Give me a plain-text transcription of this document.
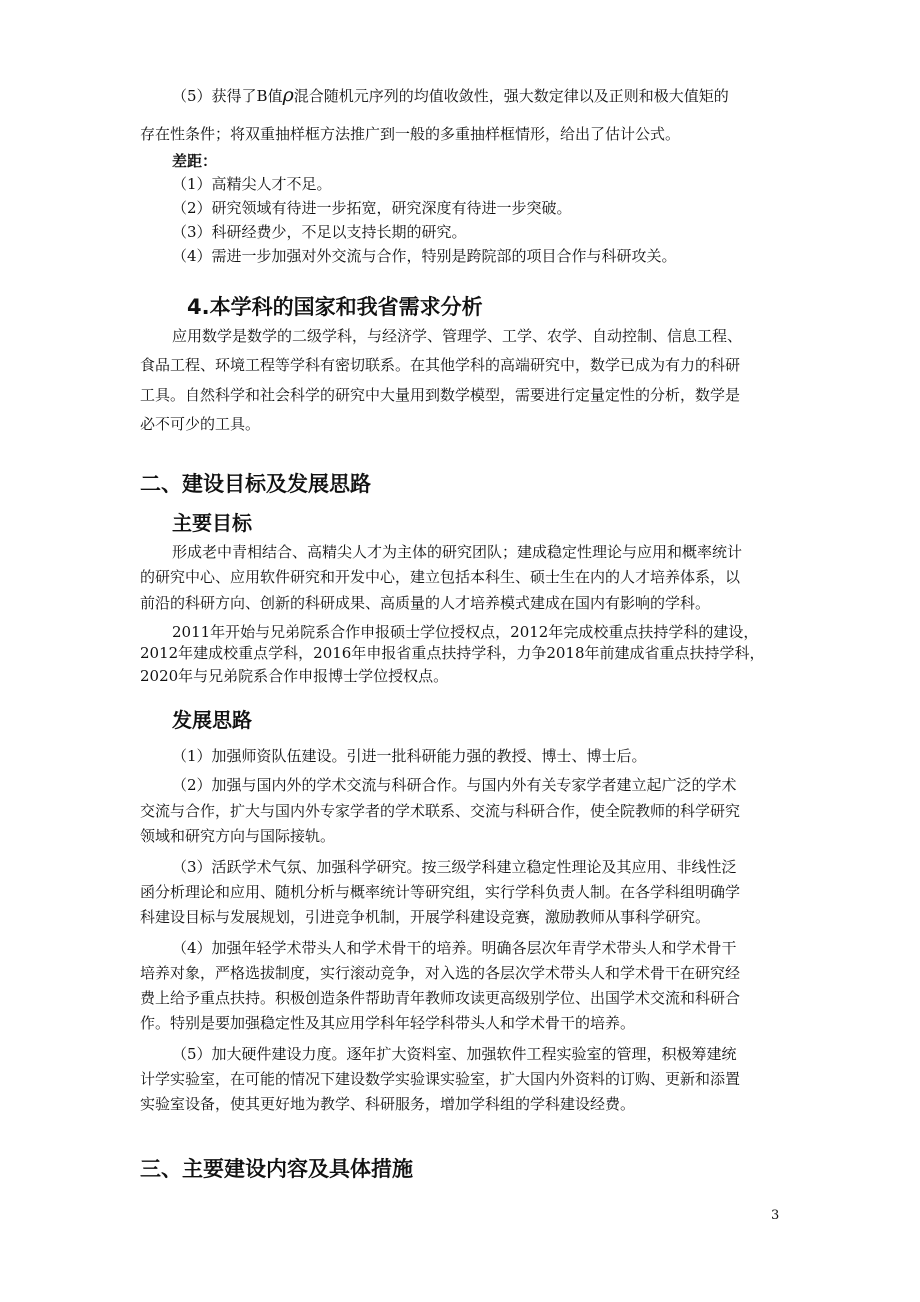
（5）获得了B值ρ混合随机元序列的均值收敛性，强大数定律以及正则和极大值矩的

存在性条件；将双重抽样框方法推广到一般的多重抽样框情形，给出了估计公式。

差距：

（1）高精尖人才不足。

（2）研究领域有待进一步拓宽，研究深度有待进一步突破。

（3）科研经费少，不足以支持长期的研究。

（4）需进一步加强对外交流与合作，特别是跨院部的项目合作与科研攻关。

4.本学科的国家和我省需求分析

应用数学是数学的二级学科，与经济学、管理学、工学、农学、自动控制、信息工程、

食品工程、环境工程等学科有密切联系。在其他学科的高端研究中，数学已成为有力的科研

工具。自然科学和社会科学的研究中大量用到数学模型，需要进行定量定性的分析，数学是

必不可少的工具。

二、建设目标及发展思路
主要目标

形成老中青相结合、高精尖人才为主体的研究团队；建成稳定性理论与应用和概率统计

的研究中心、应用软件研究和开发中心，建立包括本科生、硕士生在内的人才培养体系，以

前沿的科研方向、创新的科研成果、高质量的人才培养模式建成在国内有影响的学科。

2011年开始与兄弟院系合作申报硕士学位授权点，2012年完成校重点扶持学科的建设，

2012年建成校重点学科，2016年申报省重点扶持学科，力争2018年前建成省重点扶持学科，

2020年与兄弟院系合作申报博士学位授权点。

发展思路

（1）加强师资队伍建设。引进一批科研能力强的教授、博士、博士后。

（2）加强与国内外的学术交流与科研合作。与国内外有关专家学者建立起广泛的学术

交流与合作，扩大与国内外专家学者的学术联系、交流与科研合作，使全院教师的科学研究

领域和研究方向与国际接轨。

（3）活跃学术气氛、加强科学研究。按三级学科建立稳定性理论及其应用、非线性泛

函分析理论和应用、随机分析与概率统计等研究组，实行学科负责人制。在各学科组明确学

科建设目标与发展规划，引进竞争机制，开展学科建设竞赛，激励教师从事科学研究。

（4）加强年轻学术带头人和学术骨干的培养。明确各层次年青学术带头人和学术骨干

培养对象，严格选拔制度，实行滚动竞争，对入选的各层次学术带头人和学术骨干在研究经

费上给予重点扶持。积极创造条件帮助青年教师攻读更高级别学位、出国学术交流和科研合

作。特别是要加强稳定性及其应用学科年轻学科带头人和学术骨干的培养。

（5）加大硬件建设力度。逐年扩大资料室、加强软件工程实验室的管理，积极筹建统

计学实验室，在可能的情况下建设数学实验课实验室，扩大国内外资料的订购、更新和添置

实验室设备，使其更好地为教学、科研服务，增加学科组的学科建设经费。

三、主要建设内容及具体措施
3
